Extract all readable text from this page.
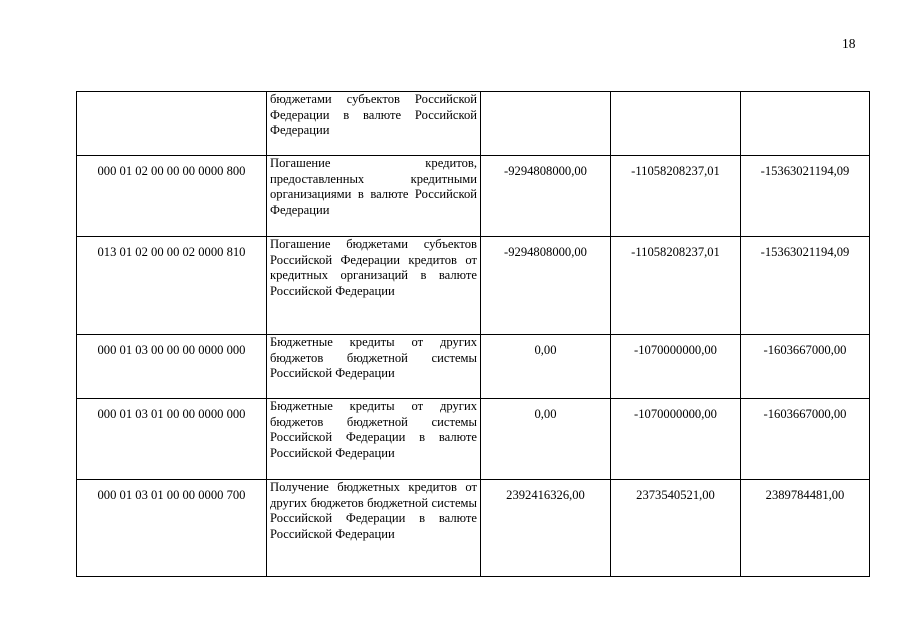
18
	бюджетами субъектов Российской Федерации в валюте Российской Федерации			
000 01 02 00 00 00 0000 800	Погашение кредитов, предоставленных кредитными организациями в валюте Российской Федерации	-9294808000,00	-11058208237,01	-15363021194,09
013 01 02 00 00 02 0000 810	Погашение бюджетами субъектов Российской Федерации кредитов от кредитных организаций в валюте Российской Федерации	-9294808000,00	-11058208237,01	-15363021194,09
000 01 03 00 00 00 0000 000	Бюджетные кредиты от других бюджетов бюджетной системы Российской Федерации	0,00	-1070000000,00	-1603667000,00
000 01 03 01 00 00 0000 000	Бюджетные кредиты от других бюджетов бюджетной системы Российской Федерации в валюте Российской Федерации	0,00	-1070000000,00	-1603667000,00
000 01 03 01 00 00 0000 700	Получение бюджетных кредитов от других бюджетов бюджетной системы Российской Федерации в валюте Российской Федерации	2392416326,00	2373540521,00	2389784481,00
